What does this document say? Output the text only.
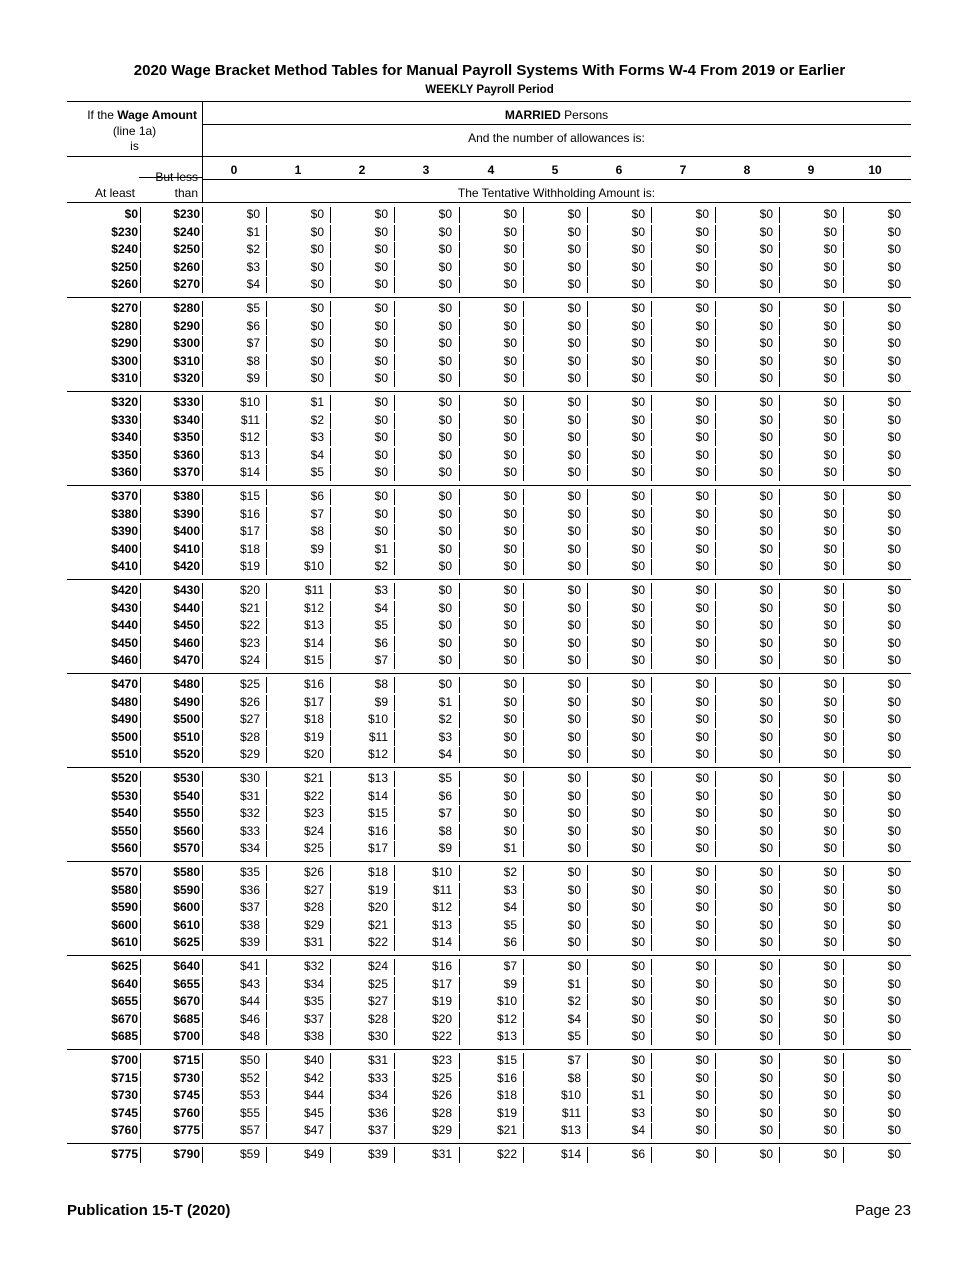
2020 Wage Bracket Method Tables for Manual Payroll Systems With Forms W-4 From 2019 or Earlier
WEEKLY Payroll Period
If the Wage Amount
(line 1a)
is
MARRIED Persons
And the number of allowances is:
But less
than
At least	The Tentative Withholding Amount is:
0	1	2	3	4	5	6	7	8	9	10
$0	$230	$0	$0	$0	$0	$0	$0	$0	$0	$0	$0	$0
$230	$240	$1	$0	$0	$0	$0	$0	$0	$0	$0	$0	$0
$240	$250	$2	$0	$0	$0	$0	$0	$0	$0	$0	$0	$0
$250	$260	$3	$0	$0	$0	$0	$0	$0	$0	$0	$0	$0
$260	$270	$4	$0	$0	$0	$0	$0	$0	$0	$0	$0	$0
$270	$280	$5	$0	$0	$0	$0	$0	$0	$0	$0	$0	$0
$280	$290	$6	$0	$0	$0	$0	$0	$0	$0	$0	$0	$0
$290	$300	$7	$0	$0	$0	$0	$0	$0	$0	$0	$0	$0
$300	$310	$8	$0	$0	$0	$0	$0	$0	$0	$0	$0	$0
$310	$320	$9	$0	$0	$0	$0	$0	$0	$0	$0	$0	$0
$320	$330	$10	$1	$0	$0	$0	$0	$0	$0	$0	$0	$0
$330	$340	$11	$2	$0	$0	$0	$0	$0	$0	$0	$0	$0
$340	$350	$12	$3	$0	$0	$0	$0	$0	$0	$0	$0	$0
$350	$360	$13	$4	$0	$0	$0	$0	$0	$0	$0	$0	$0
$360	$370	$14	$5	$0	$0	$0	$0	$0	$0	$0	$0	$0
$370	$380	$15	$6	$0	$0	$0	$0	$0	$0	$0	$0	$0
$380	$390	$16	$7	$0	$0	$0	$0	$0	$0	$0	$0	$0
$390	$400	$17	$8	$0	$0	$0	$0	$0	$0	$0	$0	$0
$400	$410	$18	$9	$1	$0	$0	$0	$0	$0	$0	$0	$0
$410	$420	$19	$10	$2	$0	$0	$0	$0	$0	$0	$0	$0
$420	$430	$20	$11	$3	$0	$0	$0	$0	$0	$0	$0	$0
$430	$440	$21	$12	$4	$0	$0	$0	$0	$0	$0	$0	$0
$440	$450	$22	$13	$5	$0	$0	$0	$0	$0	$0	$0	$0
$450	$460	$23	$14	$6	$0	$0	$0	$0	$0	$0	$0	$0
$460	$470	$24	$15	$7	$0	$0	$0	$0	$0	$0	$0	$0
$470	$480	$25	$16	$8	$0	$0	$0	$0	$0	$0	$0	$0
$480	$490	$26	$17	$9	$1	$0	$0	$0	$0	$0	$0	$0
$490	$500	$27	$18	$10	$2	$0	$0	$0	$0	$0	$0	$0
$500	$510	$28	$19	$11	$3	$0	$0	$0	$0	$0	$0	$0
$510	$520	$29	$20	$12	$4	$0	$0	$0	$0	$0	$0	$0
$520	$530	$30	$21	$13	$5	$0	$0	$0	$0	$0	$0	$0
$530	$540	$31	$22	$14	$6	$0	$0	$0	$0	$0	$0	$0
$540	$550	$32	$23	$15	$7	$0	$0	$0	$0	$0	$0	$0
$550	$560	$33	$24	$16	$8	$0	$0	$0	$0	$0	$0	$0
$560	$570	$34	$25	$17	$9	$1	$0	$0	$0	$0	$0	$0
$570	$580	$35	$26	$18	$10	$2	$0	$0	$0	$0	$0	$0
$580	$590	$36	$27	$19	$11	$3	$0	$0	$0	$0	$0	$0
$590	$600	$37	$28	$20	$12	$4	$0	$0	$0	$0	$0	$0
$600	$610	$38	$29	$21	$13	$5	$0	$0	$0	$0	$0	$0
$610	$625	$39	$31	$22	$14	$6	$0	$0	$0	$0	$0	$0
$625	$640	$41	$32	$24	$16	$7	$0	$0	$0	$0	$0	$0
$640	$655	$43	$34	$25	$17	$9	$1	$0	$0	$0	$0	$0
$655	$670	$44	$35	$27	$19	$10	$2	$0	$0	$0	$0	$0
$670	$685	$46	$37	$28	$20	$12	$4	$0	$0	$0	$0	$0
$685	$700	$48	$38	$30	$22	$13	$5	$0	$0	$0	$0	$0
$700	$715	$50	$40	$31	$23	$15	$7	$0	$0	$0	$0	$0
$715	$730	$52	$42	$33	$25	$16	$8	$0	$0	$0	$0	$0
$730	$745	$53	$44	$34	$26	$18	$10	$1	$0	$0	$0	$0
$745	$760	$55	$45	$36	$28	$19	$11	$3	$0	$0	$0	$0
$760	$775	$57	$47	$37	$29	$21	$13	$4	$0	$0	$0	$0
$775	$790	$59	$49	$39	$31	$22	$14	$6	$0	$0	$0	$0
Publication 15-T (2020)	Page 23
